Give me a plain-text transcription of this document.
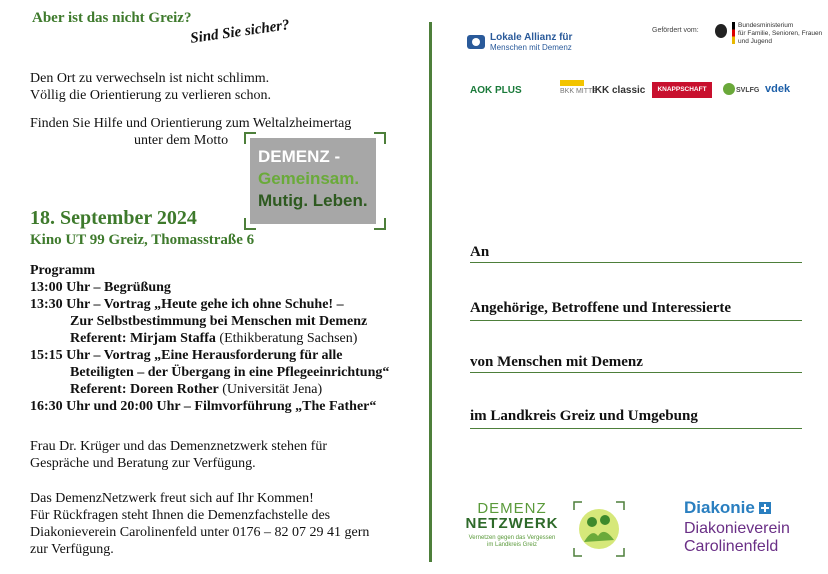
Aber ist das nicht Greiz?
Sind Sie sicher?
Den Ort zu verwechseln ist nicht schlimm.
Völlig die Orientierung zu verlieren schon.
Finden Sie Hilfe und Orientierung zum Weltalzheimertag
unter dem Motto
DEMENZ -
Gemeinsam.
Mutig. Leben.
18. September 2024
Kino UT 99 Greiz, Thomasstraße 6
Programm
13:00 Uhr – Begrüßung
13:30 Uhr – Vortrag „Heute gehe ich ohne Schuhe! –
Zur Selbstbestimmung bei Menschen mit Demenz
Referent: Mirjam Staffa (Ethikberatung Sachsen)
15:15 Uhr – Vortrag „Eine Herausforderung für alle
Beteiligten – der Übergang in eine Pflegeeinrichtung“
Referent: Doreen Rother (Universität Jena)
16:30 Uhr und 20:00 Uhr – Filmvorführung „The Father“
Frau Dr. Krüger und das Demenznetzwerk stehen für
Gespräche und Beratung zur Verfügung.
Das DemenzNetzwerk freut sich auf Ihr Kommen!
Für Rückfragen steht Ihnen die Demenzfachstelle des
Diakonieverein Carolinenfeld unter 0176 – 82 07 29 41 gern
zur Verfügung.
Lokale Allianz für
Menschen mit Demenz
Gefördert vom:
Bundesministerium
für Familie, Senioren, Frauen
und Jugend
AOK PLUS	BKK MITTE
IKK classic	KNAPPSCHAFT	SVLFG vdek
An
Angehörige, Betroffene und Interessierte
von Menschen mit Demenz
im Landkreis Greiz und Umgebung
DEMENZ
NETZWERK
Vernetzen gegen das Vergessen
im Landkreis Greiz
Diakonie
Diakonieverein
Carolinenfeld
